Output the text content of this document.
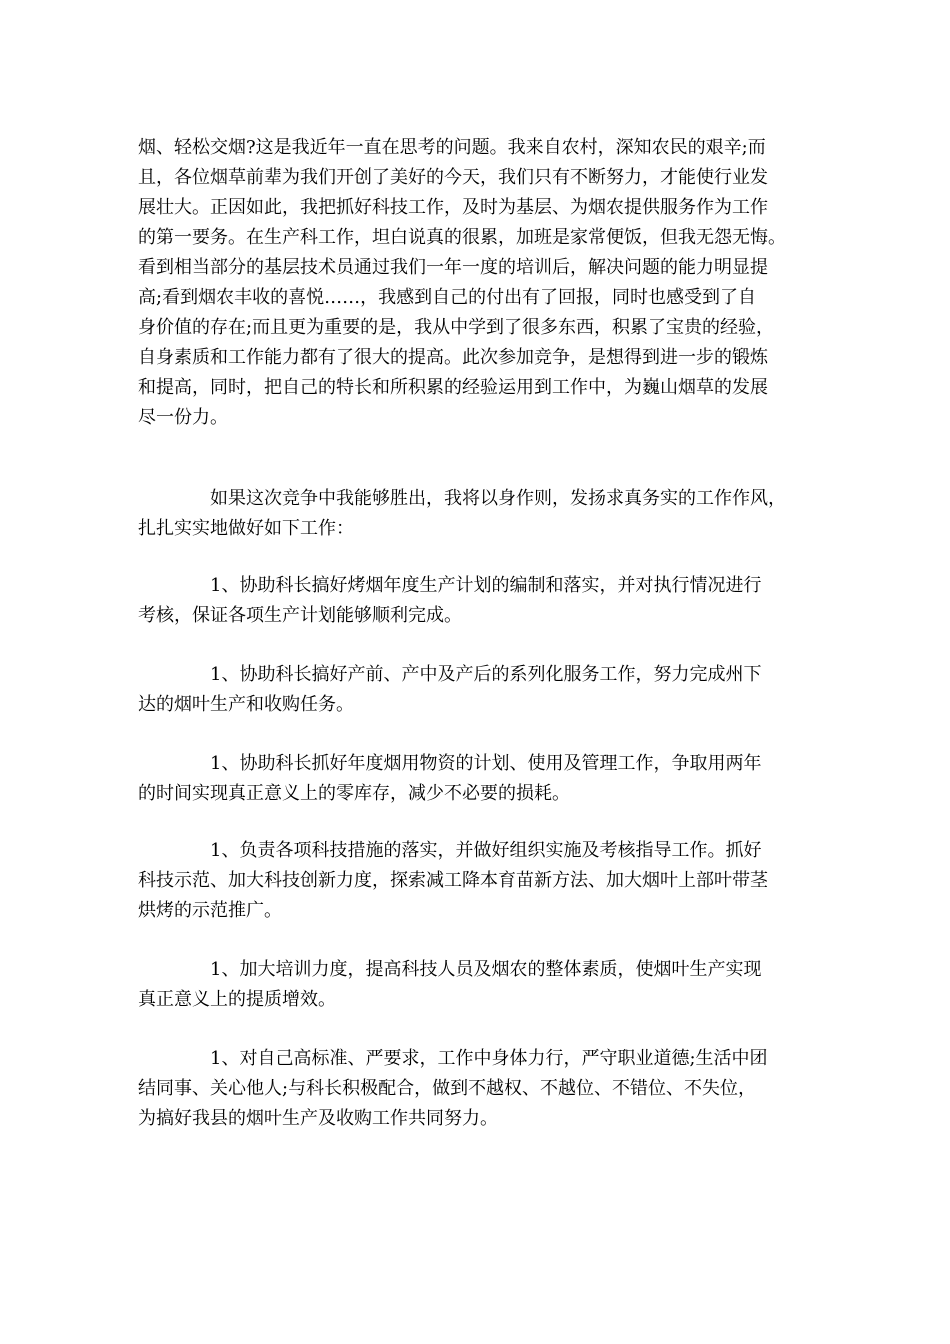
烟、轻松交烟?这是我近年一直在思考的问题。我来自农村，深知农民的艰辛;而
且，各位烟草前辈为我们开创了美好的今天，我们只有不断努力，才能使行业发
展壮大。正因如此，我把抓好科技工作，及时为基层、为烟农提供服务作为工作
的第一要务。在生产科工作，坦白说真的很累，加班是家常便饭，但我无怨无悔。
看到相当部分的基层技术员通过我们一年一度的培训后，解决问题的能力明显提
高;看到烟农丰收的喜悦……，我感到自己的付出有了回报，同时也感受到了自
身价值的存在;而且更为重要的是，我从中学到了很多东西，积累了宝贵的经验，
自身素质和工作能力都有了很大的提高。此次参加竞争，是想得到进一步的锻炼
和提高，同时，把自己的特长和所积累的经验运用到工作中，为巍山烟草的发展
尽一份力。

如果这次竞争中我能够胜出，我将以身作则，发扬求真务实的工作作风，
扎扎实实地做好如下工作：

1、协助科长搞好烤烟年度生产计划的编制和落实，并对执行情况进行
考核，保证各项生产计划能够顺利完成。

1、协助科长搞好产前、产中及产后的系列化服务工作，努力完成州下
达的烟叶生产和收购任务。

1、协助科长抓好年度烟用物资的计划、使用及管理工作，争取用两年
的时间实现真正意义上的零库存，减少不必要的损耗。

1、负责各项科技措施的落实，并做好组织实施及考核指导工作。抓好
科技示范、加大科技创新力度，探索减工降本育苗新方法、加大烟叶上部叶带茎
烘烤的示范推广。

1、加大培训力度，提高科技人员及烟农的整体素质，使烟叶生产实现
真正意义上的提质增效。

1、对自己高标准、严要求，工作中身体力行，严守职业道德;生活中团
结同事、关心他人;与科长积极配合，做到不越权、不越位、不错位、不失位，
为搞好我县的烟叶生产及收购工作共同努力。
